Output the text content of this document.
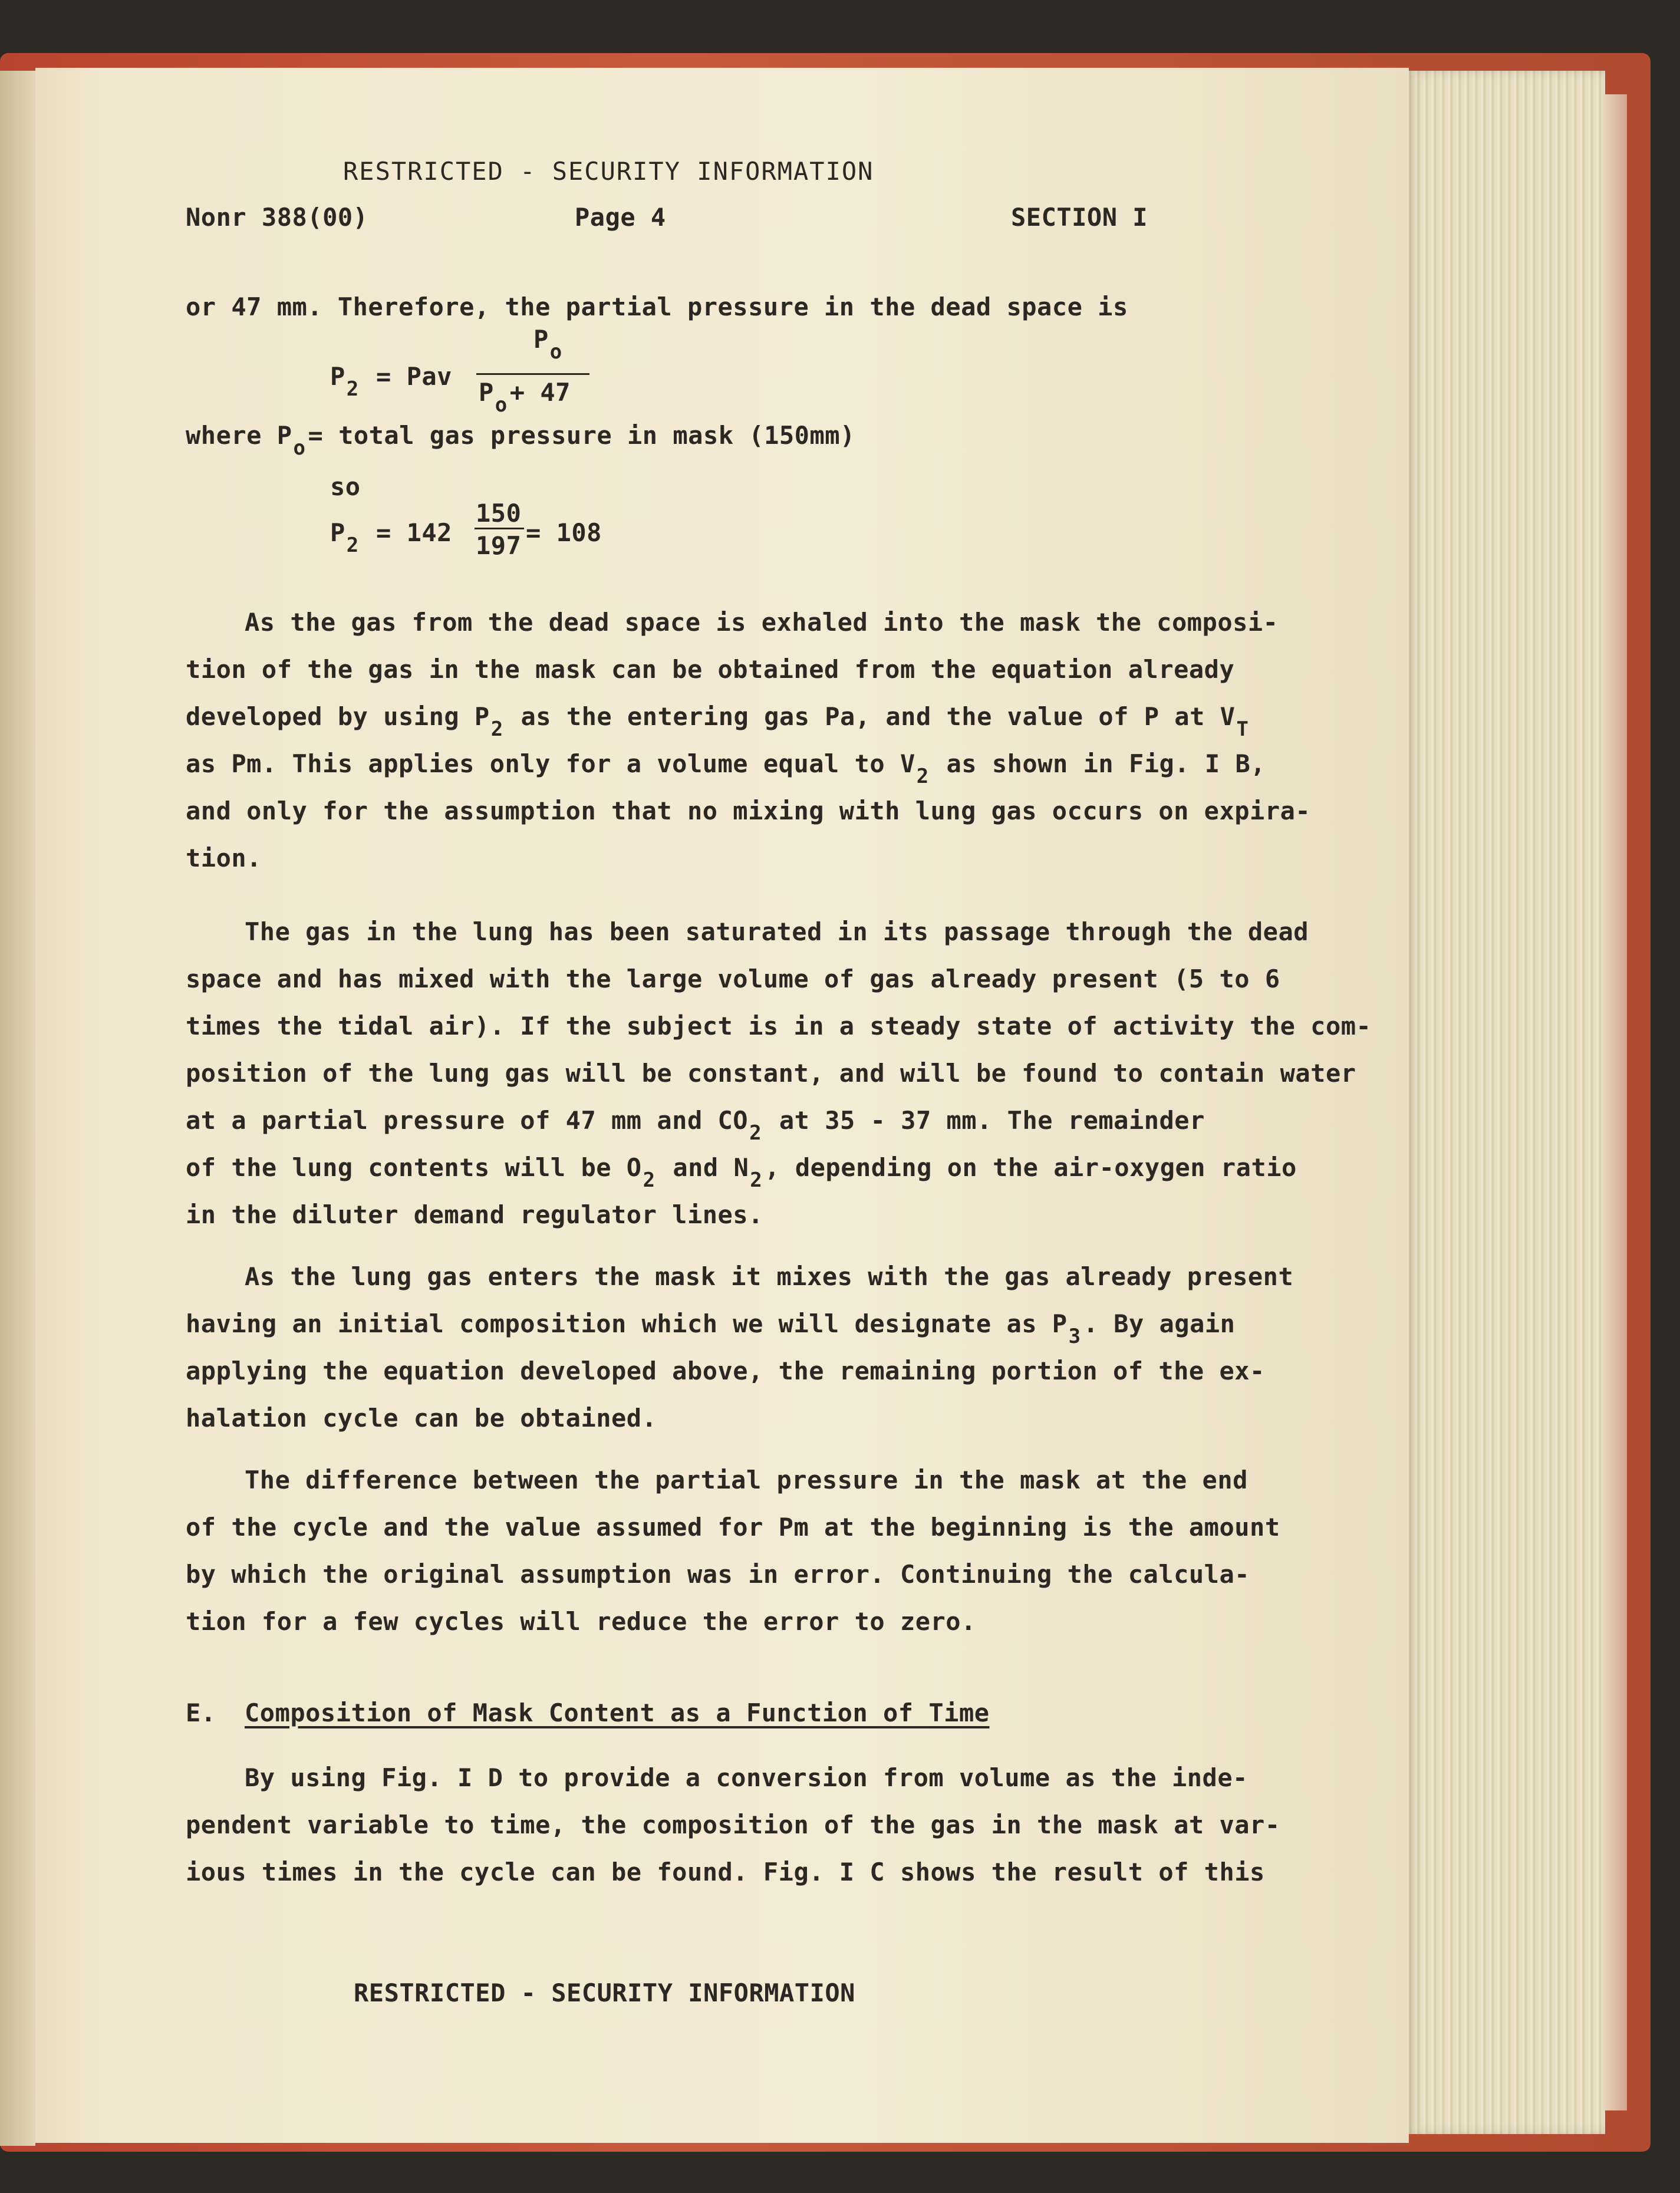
RESTRICTED - SECURITY INFORMATION
Nonr 388(00)	Page 4	SECTION I
or 47 mm. Therefore, the partial pressure in the dead space is
$P_2$ = Pav
$P_o$
$P_o+ 47$
where $P_o=$ total gas pressure in mask (150mm)
so
$P_2 = 142$
150
197 = 108
As the gas from the dead space is exhaled into the mask the composi-
tion of the gas in the mask can be obtained from the equation already
developed by using $P_2$ as the entering gas Pa, and the value of P at $V_T$
as Pm. This applies only for a volume equal to $V_2$ as shown in Fig. I B,
and only for the assumption that no mixing with lung gas occurs on expira-
tion.
The gas in the lung has been saturated in its passage through the dead
space and has mixed with the large volume of gas already present (5 to 6
times the tidal air). If the subject is in a steady state of activity the com-
position of the lung gas will be constant, and will be found to contain water
at a partial pressure of 47 mm and $CO_2$ at 35 - 37 mm. The remainder
of the lung contents will be $O_2$ and $N_2$, depending on the air-oxygen ratio
in the diluter demand regulator lines.
As the lung gas enters the mask it mixes with the gas already present
having an initial composition which we will designate as $P_3$. By again
applying the equation developed above, the remaining portion of the ex-
halation cycle can be obtained.
The difference between the partial pressure in the mask at the end
of the cycle and the value assumed for Pm at the beginning is the amount
by which the original assumption was in error. Continuing the calcula-
tion for a few cycles will reduce the error to zero.
E. Composition of Mask Content as a Function of Time
By using Fig. I D to provide a conversion from volume as the inde-
pendent variable to time, the composition of the gas in the mask at var-
ious times in the cycle can be found. Fig. I C shows the result of this
RESTRICTED - SECURITY INFORMATION
